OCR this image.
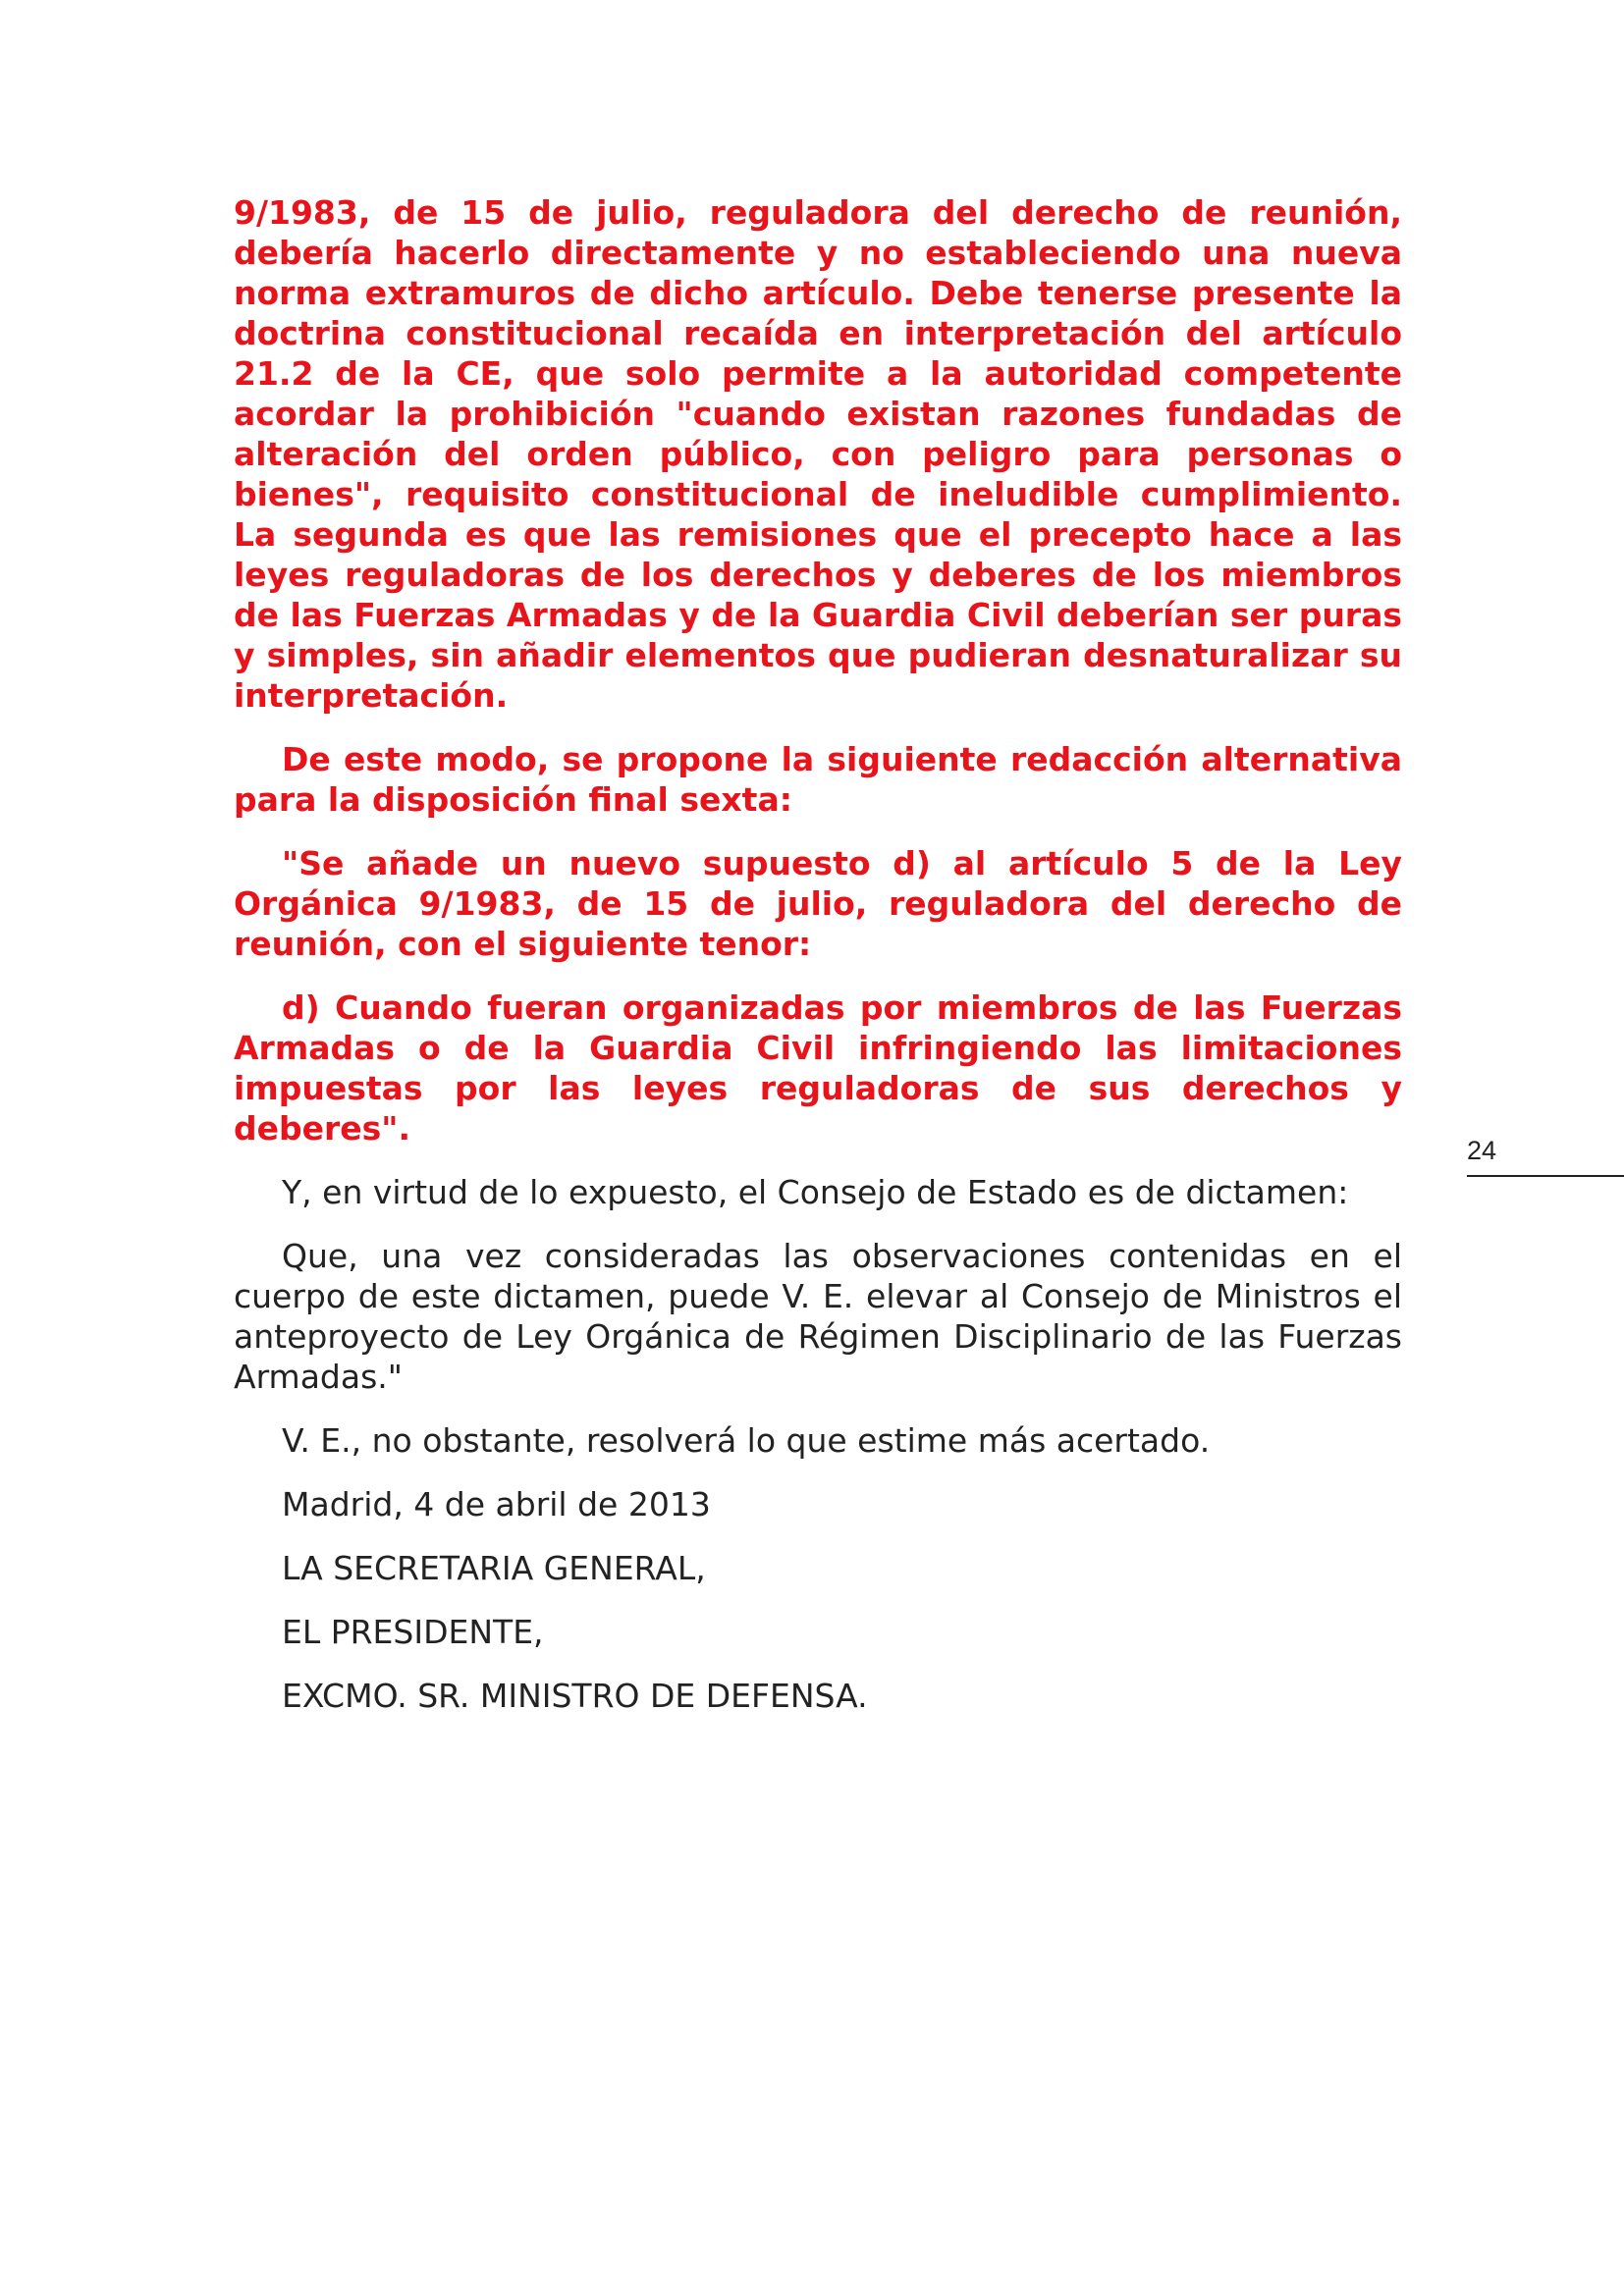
9/1983, de 15 de julio, reguladora del derecho de reunión, debería hacerlo directamente y no estableciendo una nueva norma extramuros de dicho artículo. Debe tenerse presente la doctrina constitucional recaída en interpretación del artículo 21.2 de la CE, que solo permite a la autoridad competente acordar la prohibición "cuando existan razones fundadas de alteración del orden público, con peligro para personas o bienes", requisito constitucional de ineludible cumplimiento. La segunda es que las remisiones que el precepto hace a las leyes reguladoras de los derechos y deberes de los miembros de las Fuerzas Armadas y de la Guardia Civil deberían ser puras y simples, sin añadir elementos que pudieran desnaturalizar su interpretación.

De este modo, se propone la siguiente redacción alternativa para la disposición final sexta:

"Se añade un nuevo supuesto d) al artículo 5 de la Ley Orgánica 9/1983, de 15 de julio, reguladora del derecho de reunión, con el siguiente tenor:

d) Cuando fueran organizadas por miembros de las Fuerzas Armadas o de la Guardia Civil infringiendo las limitaciones impuestas por las leyes reguladoras de sus derechos y deberes".

Y, en virtud de lo expuesto, el Consejo de Estado es de dictamen:

Que, una vez consideradas las observaciones contenidas en el cuerpo de este dictamen, puede V. E. elevar al Consejo de Ministros el anteproyecto de Ley Orgánica de Régimen Disciplinario de las Fuerzas Armadas."

V. E., no obstante, resolverá lo que estime más acertado.

Madrid, 4 de abril de 2013

LA SECRETARIA GENERAL,

EL PRESIDENTE,

EXCMO. SR. MINISTRO DE DEFENSA.

24
